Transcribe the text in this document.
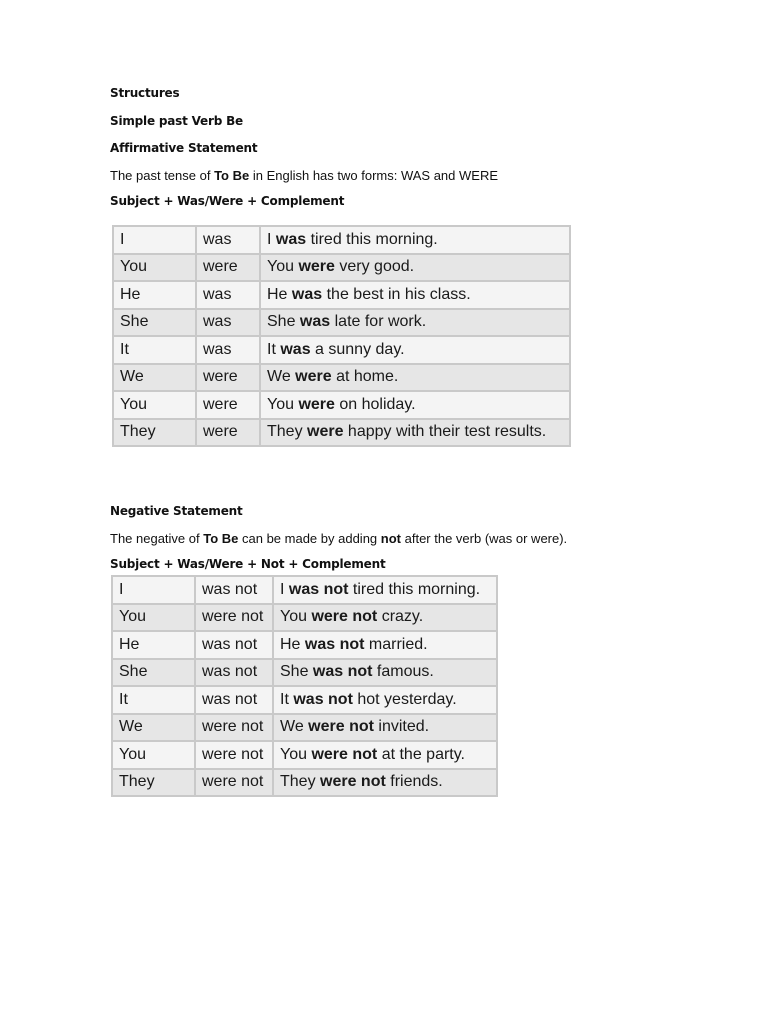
Structures
Simple past Verb Be
Affirmative Statement
The past tense of To Be in English has two forms: WAS and WERE
Subject + Was/Were + Complement
I	was	I was tired this morning.
You	were	You were very good.
He	was	He was the best in his class.
She	was	She was late for work.
It	was	It was a sunny day.
We	were	We were at home.
You	were	You were on holiday.
They	were	They were happy with their test results.
Negative Statement
The negative of To Be can be made by adding not after the verb (was or were).
Subject + Was/Were + Not + Complement
I	was not	I was not tired this morning.
You	were not	You were not crazy.
He	was not	He was not married.
She	was not	She was not famous.
It	was not	It was not hot yesterday.
We	were not	We were not invited.
You	were not	You were not at the party.
They	were not	They were not friends.
